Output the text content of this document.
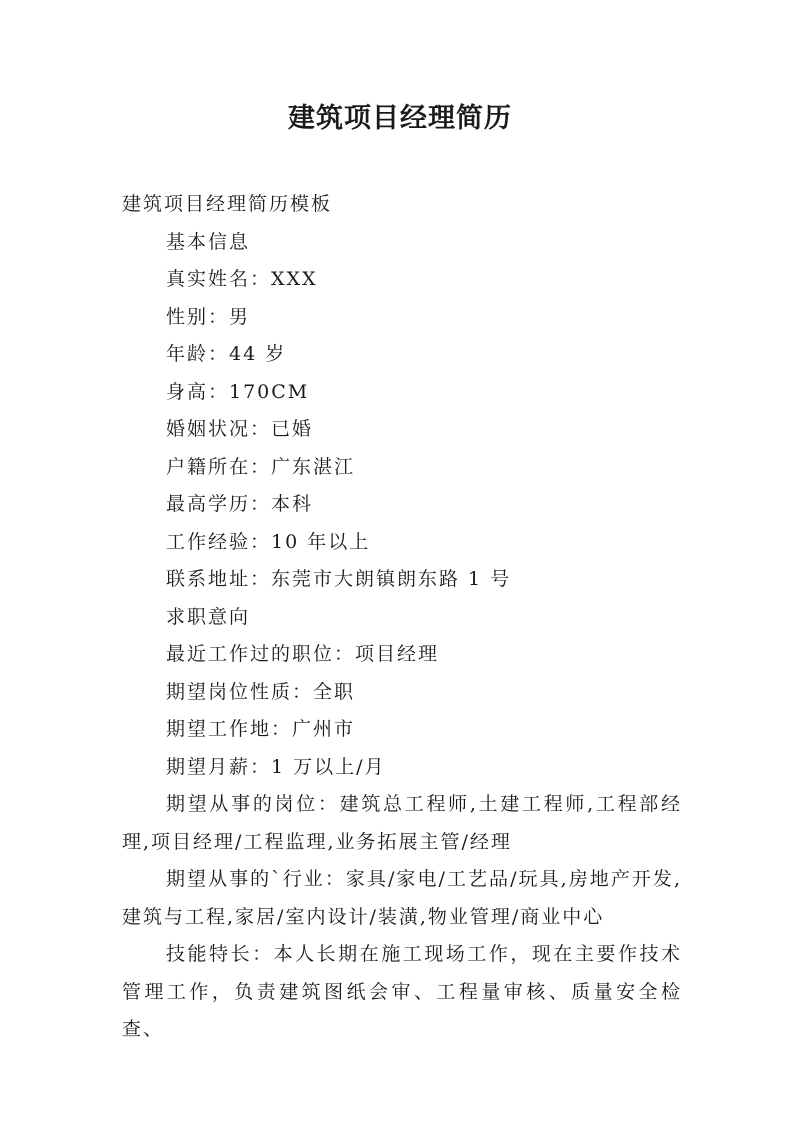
建筑项目经理简历

建筑项目经理简历模板

基本信息

真实姓名：XXX

性别：男

年龄：44 岁

身高：170CM

婚姻状况：已婚

户籍所在：广东湛江

最高学历：本科

工作经验：10 年以上

联系地址：东莞市大朗镇朗东路 1 号

求职意向

最近工作过的职位：项目经理

期望岗位性质：全职

期望工作地：广州市

期望月薪：1 万以上/月

期望从事的岗位：建筑总工程师,土建工程师,工程部经理,项目经理/工程监理,业务拓展主管/经理

期望从事的`行业：家具/家电/工艺品/玩具,房地产开发,建筑与工程,家居/室内设计/装潢,物业管理/商业中心

技能特长：本人长期在施工现场工作，现在主要作技术管理工作，负责建筑图纸会审、工程量审核、质量安全检查、
